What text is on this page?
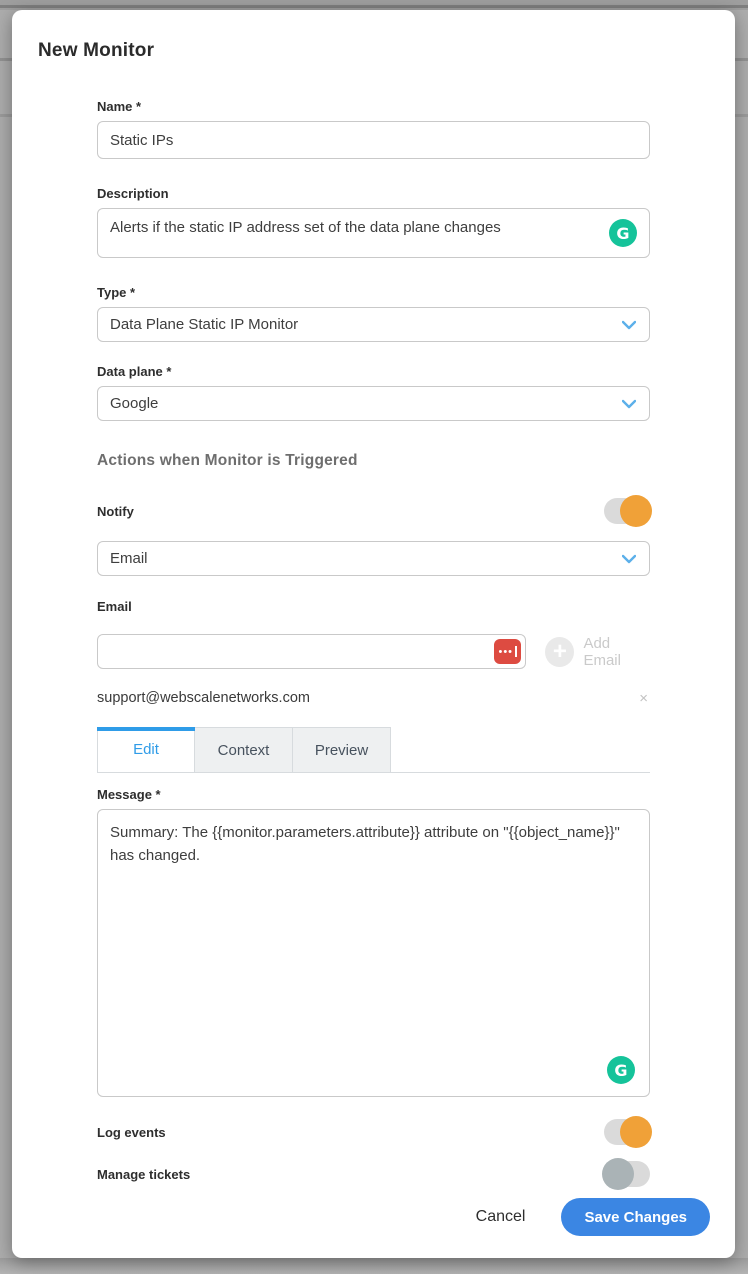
New Monitor
Name *
Static IPs
Description
Alerts if the static IP address set of the data plane changes
G
Type *
Data Plane Static IP Monitor
Data plane *
Google
Actions when Monitor is Triggered
Notify
Email
Email
•••	+	Add Email
support@webscalenetworks.com	×
Edit	Context	Preview
Message *
Summary: The {{monitor.parameters.attribute}} attribute on "{{object_name}}" has changed.
G
Log events
Manage tickets
Cancel	Save Changes
